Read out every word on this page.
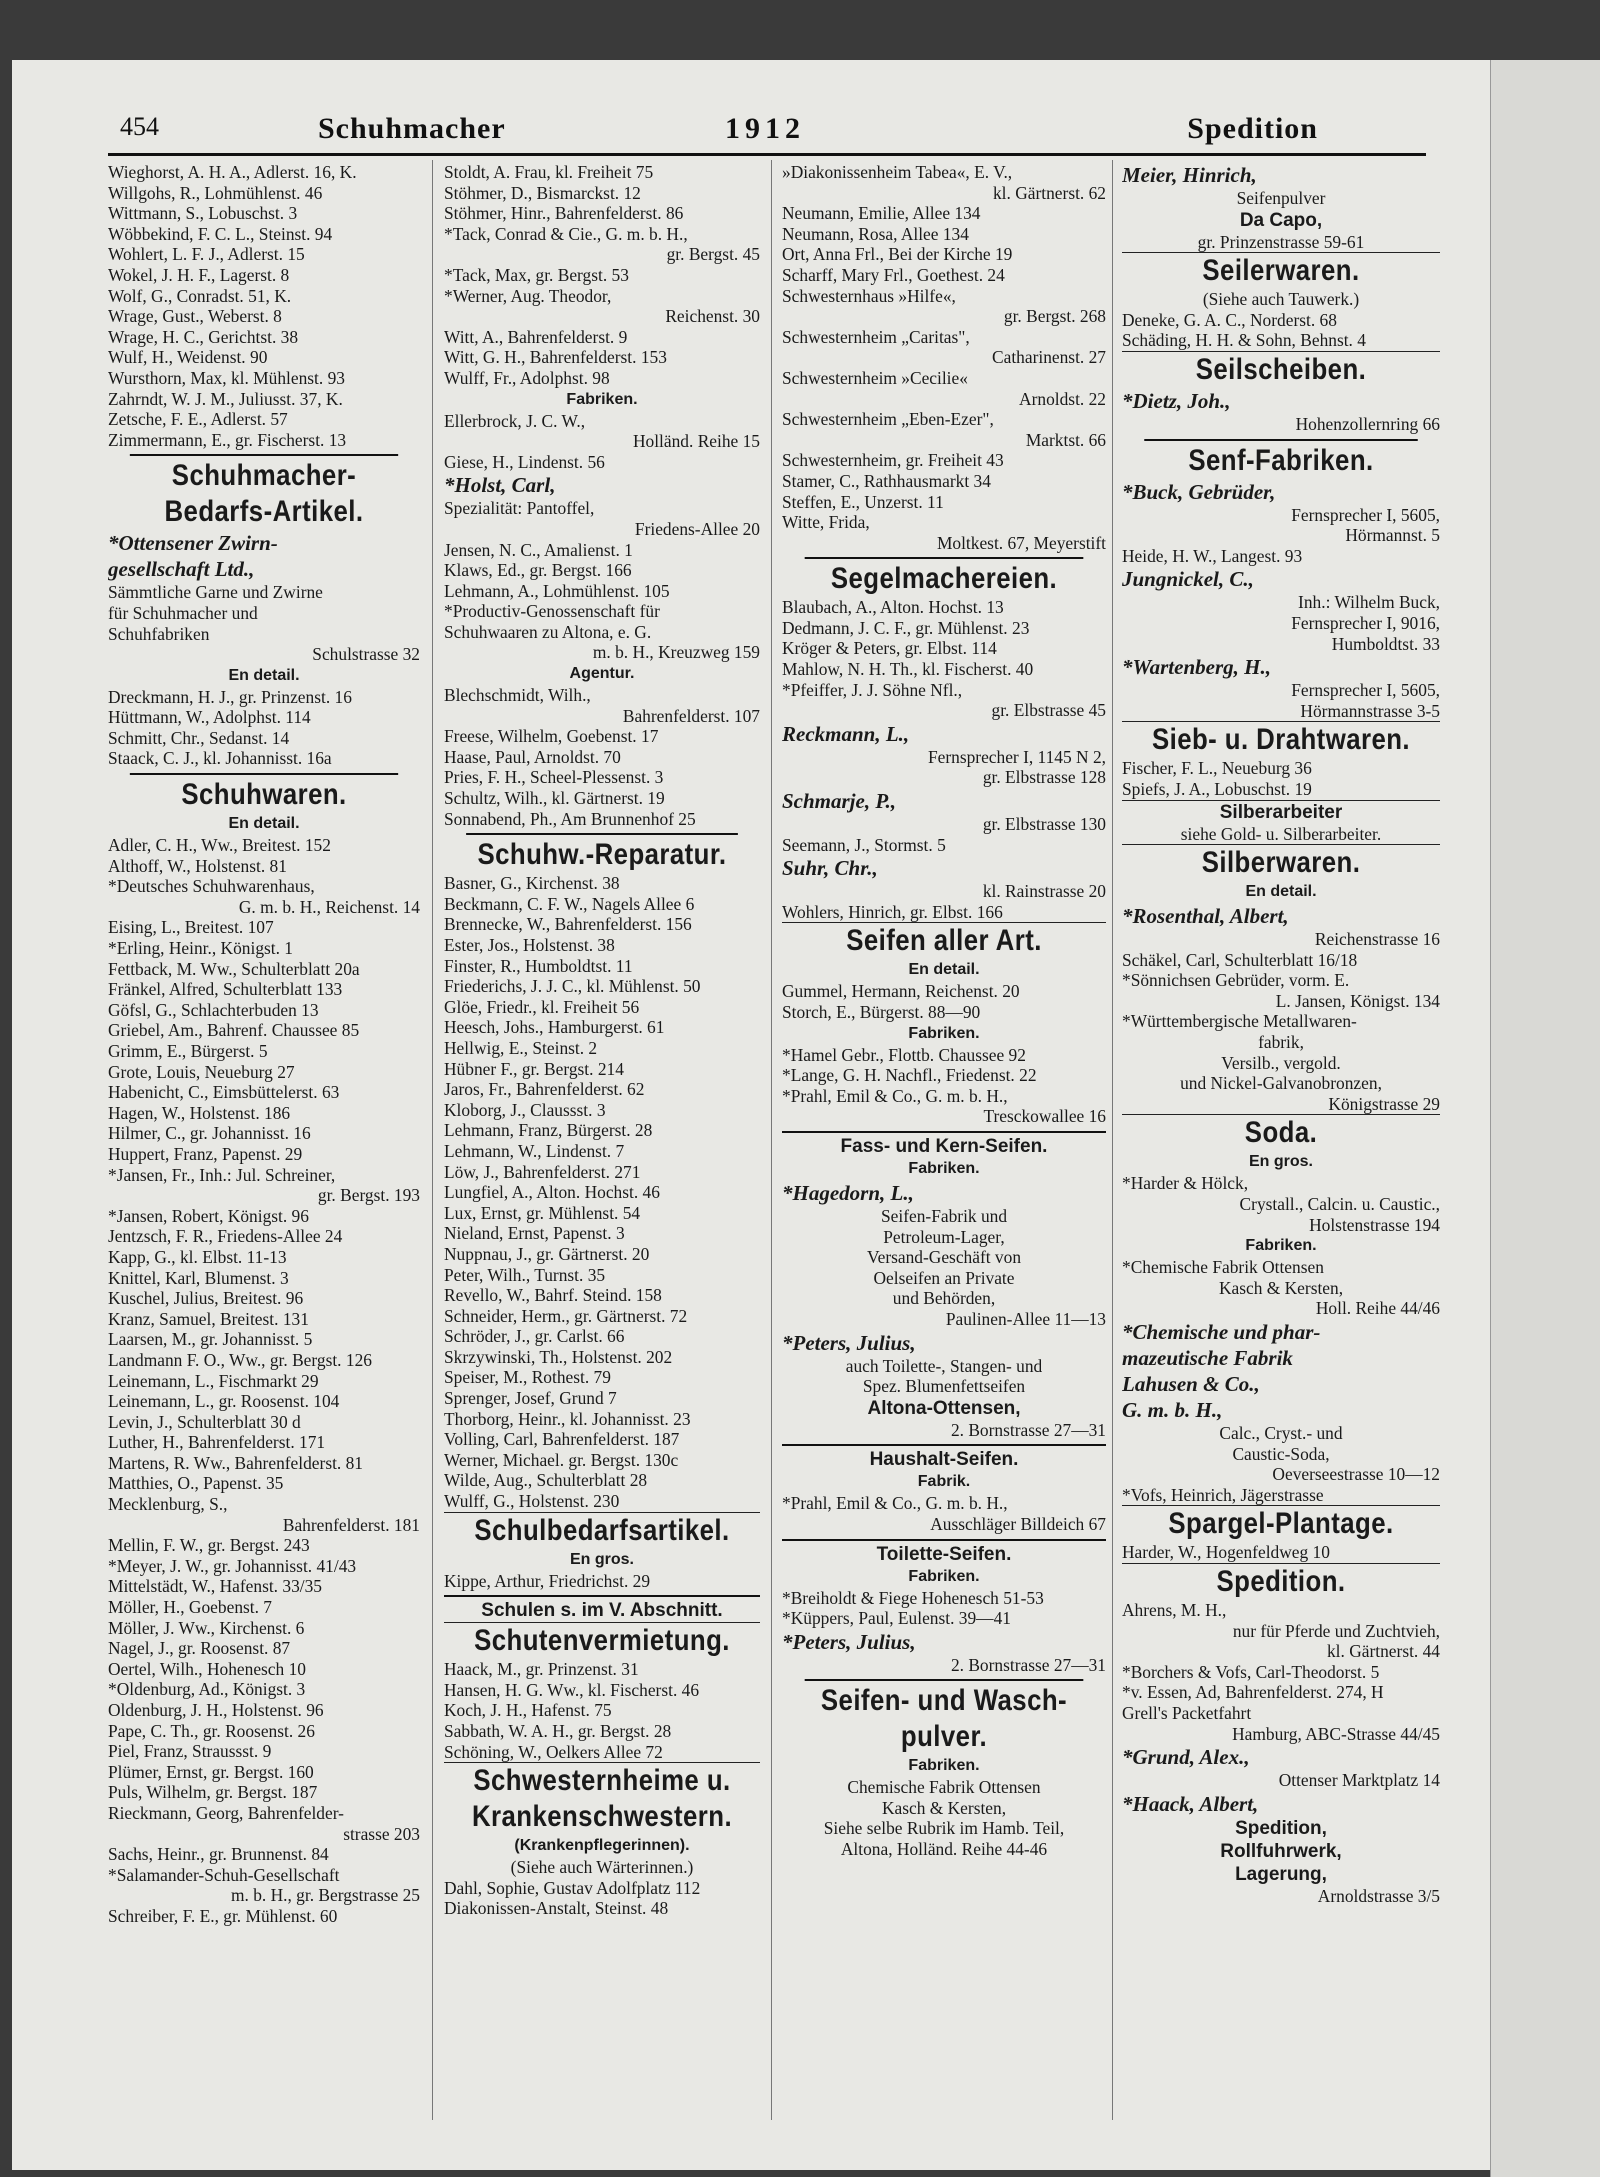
454	Schuhmacher	1912	Spedition
Wieghorst, A. H. A., Adlerst. 16, K.
Willgohs, R., Lohmühlenst. 46
Wittmann, S., Lobuschst. 3
Wöbbekind, F. C. L., Steinst. 94
Wohlert, L. F. J., Adlerst. 15
Wokel, J. H. F., Lagerst. 8
Wolf, G., Conradst. 51, K.
Wrage, Gust., Weberst. 8
Wrage, H. C., Gerichtst. 38
Wulf, H., Weidenst. 90
Wursthorn, Max, kl. Mühlenst. 93
Zahrndt, W. J. M., Juliusst. 37, K.
Zetsche, F. E., Adlerst. 57
Zimmermann, E., gr. Fischerst. 13
Schuhmacher-
Bedarfs-Artikel.
*Ottensener Zwirn-
gesellschaft Ltd.,
Sämmtliche Garne und Zwirne
für Schuhmacher und
Schuhfabriken
Schulstrasse 32
En detail.
Dreckmann, H. J., gr. Prinzenst. 16
Hüttmann, W., Adolphst. 114
Schmitt, Chr., Sedanst. 14
Staack, C. J., kl. Johannisst. 16a
Schuhwaren.
En detail.
Adler, C. H., Ww., Breitest. 152
Althoff, W., Holstenst. 81
*Deutsches Schuhwarenhaus,
G. m. b. H., Reichenst. 14
Eising, L., Breitest. 107
*Erling, Heinr., Königst. 1
Fettback, M. Ww., Schulterblatt 20a
Fränkel, Alfred, Schulterblatt 133
Göfsl, G., Schlachterbuden 13
Griebel, Am., Bahrenf. Chaussee 85
Grimm, E., Bürgerst. 5
Grote, Louis, Neueburg 27
Habenicht, C., Eimsbüttelerst. 63
Hagen, W., Holstenst. 186
Hilmer, C., gr. Johannisst. 16
Huppert, Franz, Papenst. 29
*Jansen, Fr., Inh.: Jul. Schreiner,
gr. Bergst. 193
*Jansen, Robert, Königst. 96
Jentzsch, F. R., Friedens-Allee 24
Kapp, G., kl. Elbst. 11-13
Knittel, Karl, Blumenst. 3
Kuschel, Julius, Breitest. 96
Kranz, Samuel, Breitest. 131
Laarsen, M., gr. Johannisst. 5
Landmann F. O., Ww., gr. Bergst. 126
Leinemann, L., Fischmarkt 29
Leinemann, L., gr. Roosenst. 104
Levin, J., Schulterblatt 30 d
Luther, H., Bahrenfelderst. 171
Martens, R. Ww., Bahrenfelderst. 81
Matthies, O., Papenst. 35
Mecklenburg, S.,
Bahrenfelderst. 181
Mellin, F. W., gr. Bergst. 243
*Meyer, J. W., gr. Johannisst. 41/43
Mittelstädt, W., Hafenst. 33/35
Möller, H., Goebenst. 7
Möller, J. Ww., Kirchenst. 6
Nagel, J., gr. Roosenst. 87
Oertel, Wilh., Hohenesch 10
*Oldenburg, Ad., Königst. 3
Oldenburg, J. H., Holstenst. 96
Pape, C. Th., gr. Roosenst. 26
Piel, Franz, Straussst. 9
Plümer, Ernst, gr. Bergst. 160
Puls, Wilhelm, gr. Bergst. 187
Rieckmann, Georg, Bahrenfelder-
strasse 203
Sachs, Heinr., gr. Brunnenst. 84
*Salamander-Schuh-Gesellschaft
m. b. H., gr. Bergstrasse 25
Schreiber, F. E., gr. Mühlenst. 60
Stoldt, A. Frau, kl. Freiheit 75
Stöhmer, D., Bismarckst. 12
Stöhmer, Hinr., Bahrenfelderst. 86
*Tack, Conrad & Cie., G. m. b. H.,
gr. Bergst. 45
*Tack, Max, gr. Bergst. 53
*Werner, Aug. Theodor,
Reichenst. 30
Witt, A., Bahrenfelderst. 9
Witt, G. H., Bahrenfelderst. 153
Wulff, Fr., Adolphst. 98
Fabriken.
Ellerbrock, J. C. W.,
Holländ. Reihe 15
Giese, H., Lindenst. 56
*Holst, Carl,
Spezialität: Pantoffel,
Friedens-Allee 20
Jensen, N. C., Amalienst. 1
Klaws, Ed., gr. Bergst. 166
Lehmann, A., Lohmühlenst. 105
*Productiv-Genossenschaft für
Schuhwaaren zu Altona, e. G.
m. b. H., Kreuzweg 159
Agentur.
Blechschmidt, Wilh.,
Bahrenfelderst. 107
Freese, Wilhelm, Goebenst. 17
Haase, Paul, Arnoldst. 70
Pries, F. H., Scheel-Plessenst. 3
Schultz, Wilh., kl. Gärtnerst. 19
Sonnabend, Ph., Am Brunnenhof 25
Schuhw.-Reparatur.
Basner, G., Kirchenst. 38
Beckmann, C. F. W., Nagels Allee 6
Brennecke, W., Bahrenfelderst. 156
Ester, Jos., Holstenst. 38
Finster, R., Humboldtst. 11
Friederichs, J. J. C., kl. Mühlenst. 50
Glöe, Friedr., kl. Freiheit 56
Heesch, Johs., Hamburgerst. 61
Hellwig, E., Steinst. 2
Hübner F., gr. Bergst. 214
Jaros, Fr., Bahrenfelderst. 62
Kloborg, J., Claussst. 3
Lehmann, Franz, Bürgerst. 28
Lehmann, W., Lindenst. 7
Löw, J., Bahrenfelderst. 271
Lungfiel, A., Alton. Hochst. 46
Lux, Ernst, gr. Mühlenst. 54
Nieland, Ernst, Papenst. 3
Nuppnau, J., gr. Gärtnerst. 20
Peter, Wilh., Turnst. 35
Revello, W., Bahrf. Steind. 158
Schneider, Herm., gr. Gärtnerst. 72
Schröder, J., gr. Carlst. 66
Skrzywinski, Th., Holstenst. 202
Speiser, M., Rothest. 79
Sprenger, Josef, Grund 7
Thorborg, Heinr., kl. Johannisst. 23
Volling, Carl, Bahrenfelderst. 187
Werner, Michael. gr. Bergst. 130c
Wilde, Aug., Schulterblatt 28
Wulff, G., Holstenst. 230
Schulbedarfsartikel.
En gros.
Kippe, Arthur, Friedrichst. 29
Schulen s. im V. Abschnitt.
Schutenvermietung.
Haack, M., gr. Prinzenst. 31
Hansen, H. G. Ww., kl. Fischerst. 46
Koch, J. H., Hafenst. 75
Sabbath, W. A. H., gr. Bergst. 28
Schöning, W., Oelkers Allee 72
Schwesternheime u.
Krankenschwestern.
(Krankenpflegerinnen).
(Siehe auch Wärterinnen.)
Dahl, Sophie, Gustav Adolfplatz 112
Diakonissen-Anstalt, Steinst. 48
»Diakonissenheim Tabea«, E. V.,
kl. Gärtnerst. 62
Neumann, Emilie, Allee 134
Neumann, Rosa, Allee 134
Ort, Anna Frl., Bei der Kirche 19
Scharff, Mary Frl., Goethest. 24
Schwesternhaus »Hilfe«,
gr. Bergst. 268
Schwesternheim „Caritas",
Catharinenst. 27
Schwesternheim »Cecilie«
Arnoldst. 22
Schwesternheim „Eben-Ezer",
Marktst. 66
Schwesternheim, gr. Freiheit 43
Stamer, C., Rathhausmarkt 34
Steffen, E., Unzerst. 11
Witte, Frida,
Moltkest. 67, Meyerstift
Segelmachereien.
Blaubach, A., Alton. Hochst. 13
Dedmann, J. C. F., gr. Mühlenst. 23
Kröger & Peters, gr. Elbst. 114
Mahlow, N. H. Th., kl. Fischerst. 40
*Pfeiffer, J. J. Söhne Nfl.,
gr. Elbstrasse 45
Reckmann, L.,
Fernsprecher I, 1145 N 2,
gr. Elbstrasse 128
Schmarje, P.,
gr. Elbstrasse 130
Seemann, J., Stormst. 5
Suhr, Chr.,
kl. Rainstrasse 20
Wohlers, Hinrich, gr. Elbst. 166
Seifen aller Art.
En detail.
Gummel, Hermann, Reichenst. 20
Storch, E., Bürgerst. 88—90
Fabriken.
*Hamel Gebr., Flottb. Chaussee 92
*Lange, G. H. Nachfl., Friedenst. 22
*Prahl, Emil & Co., G. m. b. H.,
Tresckowallee 16
Fass- und Kern-Seifen.
Fabriken.
*Hagedorn, L.,
Seifen-Fabrik und
Petroleum-Lager,
Versand-Geschäft von
Oelseifen an Private
und Behörden,
Paulinen-Allee 11—13
*Peters, Julius,
auch Toilette-, Stangen- und
Spez. Blumenfettseifen
Altona-Ottensen,
2. Bornstrasse 27—31
Haushalt-Seifen.
Fabrik.
*Prahl, Emil & Co., G. m. b. H.,
Ausschläger Billdeich 67
Toilette-Seifen.
Fabriken.
*Breiholdt & Fiege Hohenesch 51-53
*Küppers, Paul, Eulenst. 39—41
*Peters, Julius,
2. Bornstrasse 27—31
Seifen- und Wasch-
pulver.
Fabriken.
Chemische Fabrik Ottensen
Kasch & Kersten,
Siehe selbe Rubrik im Hamb. Teil,
Altona, Holländ. Reihe 44-46
Meier, Hinrich,
Seifenpulver
Da Capo,
gr. Prinzenstrasse 59-61
Seilerwaren.
(Siehe auch Tauwerk.)
Deneke, G. A. C., Norderst. 68
Schäding, H. H. & Sohn, Behnst. 4
Seilscheiben.
*Dietz, Joh.,
Hohenzollernring 66
Senf-Fabriken.
*Buck, Gebrüder,
Fernsprecher I, 5605,
Hörmannst. 5
Heide, H. W., Langest. 93
Jungnickel, C.,
Inh.: Wilhelm Buck,
Fernsprecher I, 9016,
Humboldtst. 33
*Wartenberg, H.,
Fernsprecher I, 5605,
Hörmannstrasse 3-5
Sieb- u. Drahtwaren.
Fischer, F. L., Neueburg 36
Spiefs, J. A., Lobuschst. 19
Silberarbeiter
siehe Gold- u. Silberarbeiter.
Silberwaren.
En detail.
*Rosenthal, Albert,
Reichenstrasse 16
Schäkel, Carl, Schulterblatt 16/18
*Sönnichsen Gebrüder, vorm. E.
L. Jansen, Königst. 134
*Württembergische Metallwaren-
fabrik,
Versilb., vergold.
und Nickel-Galvanobronzen,
Königstrasse 29
Soda.
En gros.
*Harder & Hölck,
Crystall., Calcin. u. Caustic.,
Holstenstrasse 194
Fabriken.
*Chemische Fabrik Ottensen
Kasch & Kersten,
Holl. Reihe 44/46
*Chemische und phar-
mazeutische Fabrik
Lahusen & Co.,
G. m. b. H.,
Calc., Cryst.- und
Caustic-Soda,
Oeverseestrasse 10—12
*Vofs, Heinrich, Jägerstrasse
Spargel-Plantage.
Harder, W., Hogenfeldweg 10
Spedition.
Ahrens, M. H.,
nur für Pferde und Zuchtvieh,
kl. Gärtnerst. 44
*Borchers & Vofs, Carl-Theodorst. 5
*v. Essen, Ad, Bahrenfelderst. 274, H
Grell's Packetfahrt
Hamburg, ABC-Strasse 44/45
*Grund, Alex.,
Ottenser Marktplatz 14
*Haack, Albert,
Spedition,
Rollfuhrwerk,
Lagerung,
Arnoldstrasse 3/5
